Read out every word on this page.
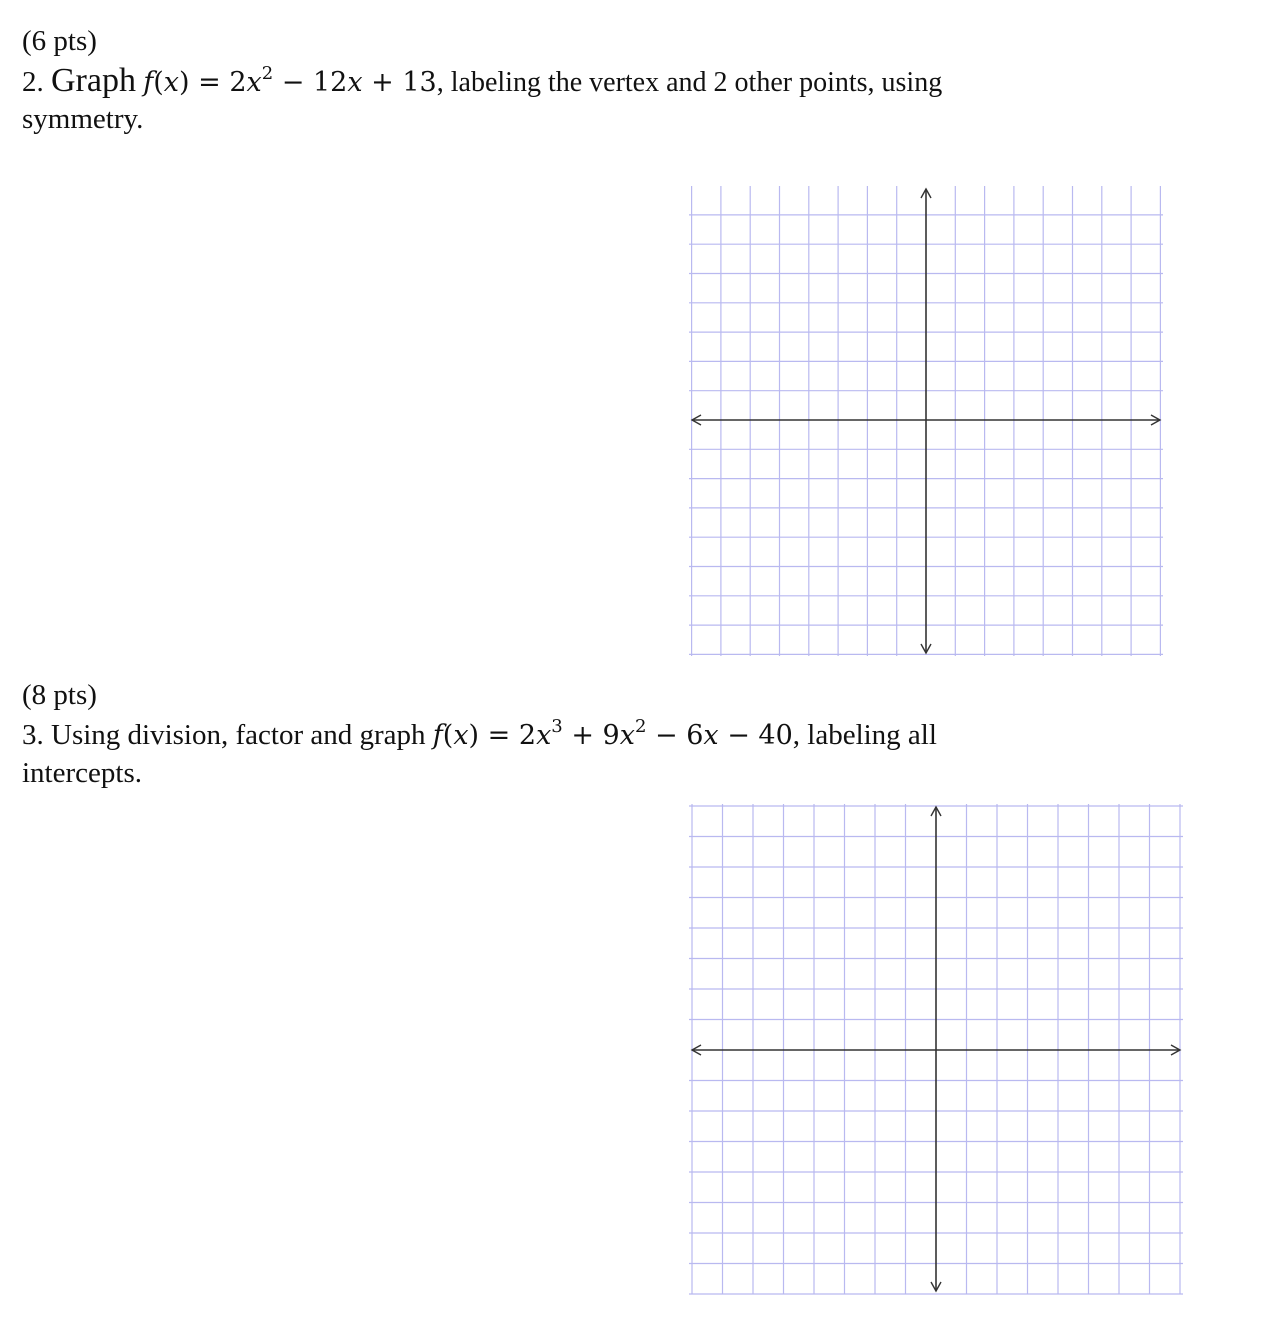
(6 pts)
2. Graph $f(x) = 2x^2 - 12x + 13$, labeling the vertex and 2 other points, using
symmetry.
(8 pts)
3. Using division, factor and graph $f(x) = 2x^3 + 9x^2 - 6x - 40$, labeling all
intercepts.
